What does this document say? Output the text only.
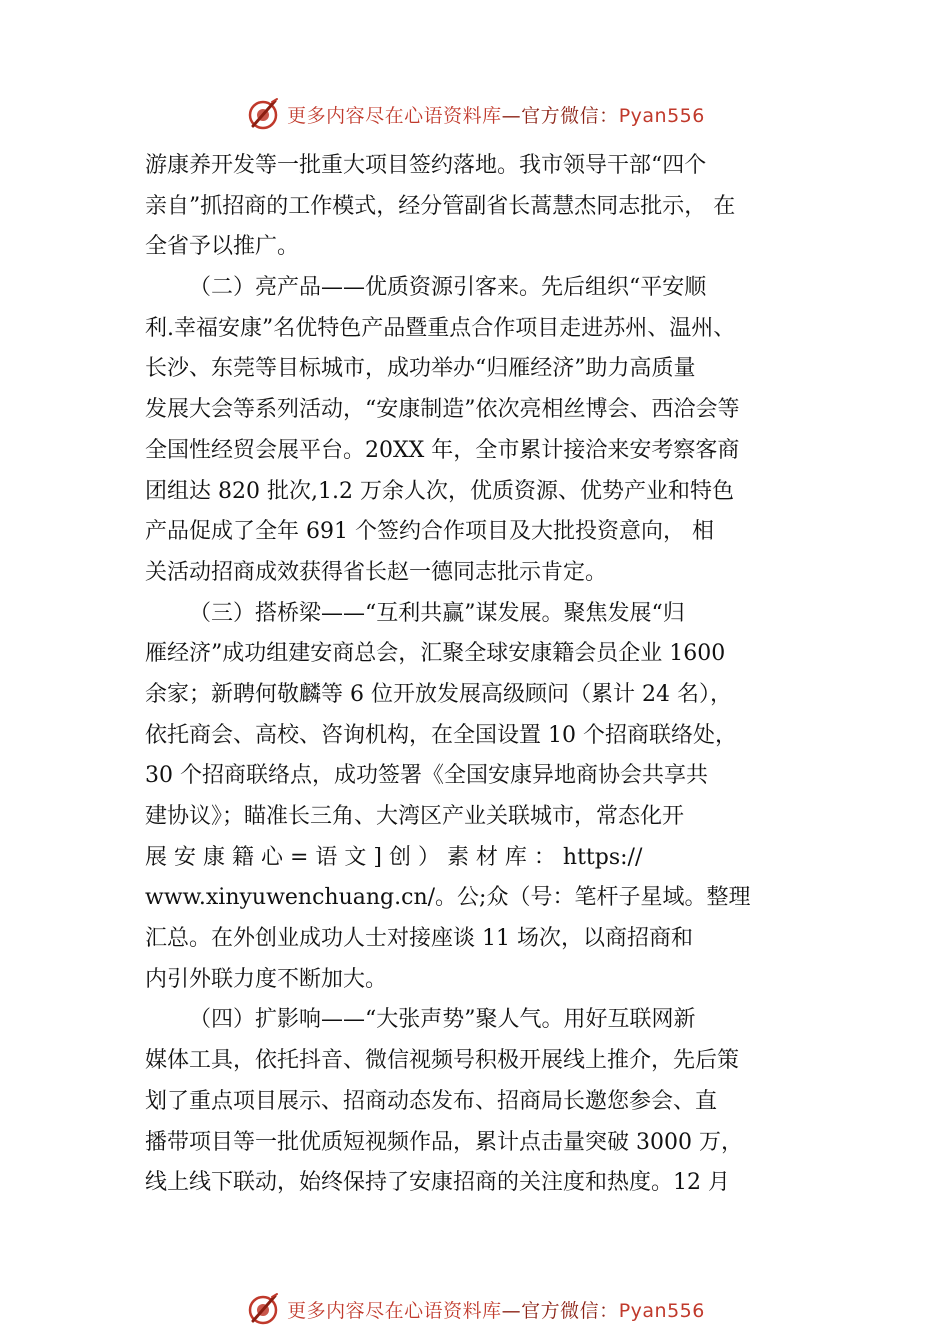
更多内容尽在心语资料库—官方微信：Pyan556
游康养开发等一批重大项目签约落地。我市领导干部“四个
亲自”抓招商的工作模式，经分管副省长蒿慧杰同志批示， 在
全省予以推广。
（二）亮产品——优质资源引客来。先后组织“平安顺
利.幸福安康”名优特色产品暨重点合作项目走进苏州、温州、
长沙、东莞等目标城市，成功举办“归雁经济”助力高质量
发展大会等系列活动，“安康制造”依次亮相丝博会、西洽会等
全国性经贸会展平台。20XX 年，全市累计接洽来安考察客商
团组达 820 批次,1.2 万余人次，优质资源、优势产业和特色
产品促成了全年 691 个签约合作项目及大批投资意向， 相
关活动招商成效获得省长赵一德同志批示肯定。
（三）搭桥梁——“互利共赢”谋发展。聚焦发展“归
雁经济”成功组建安商总会，汇聚全球安康籍会员企业 1600
余家；新聘何敬麟等 6 位开放发展高级顾问（累计 24 名），
依托商会、高校、咨询机构，在全国设置 10 个招商联络处，
30 个招商联络点，成功签署《全国安康异地商协会共享共
建协议》；瞄准长三角、大湾区产业关联城市，常态化开
展 安 康 籍 心 = 语 文 ] 创 ） 素 材 库 ： https://
www.xinyuwenchuang.cn/。公;众（号：笔杆子星域。整理
汇总。在外创业成功人士对接座谈 11 场次，以商招商和
内引外联力度不断加大。
（四）扩影响——“大张声势”聚人气。用好互联网新
媒体工具，依托抖音、微信视频号积极开展线上推介，先后策
划了重点项目展示、招商动态发布、招商局长邀您参会、直
播带项目等一批优质短视频作品，累计点击量突破 3000 万，
线上线下联动，始终保持了安康招商的关注度和热度。12 月
更多内容尽在心语资料库—官方微信：Pyan556
